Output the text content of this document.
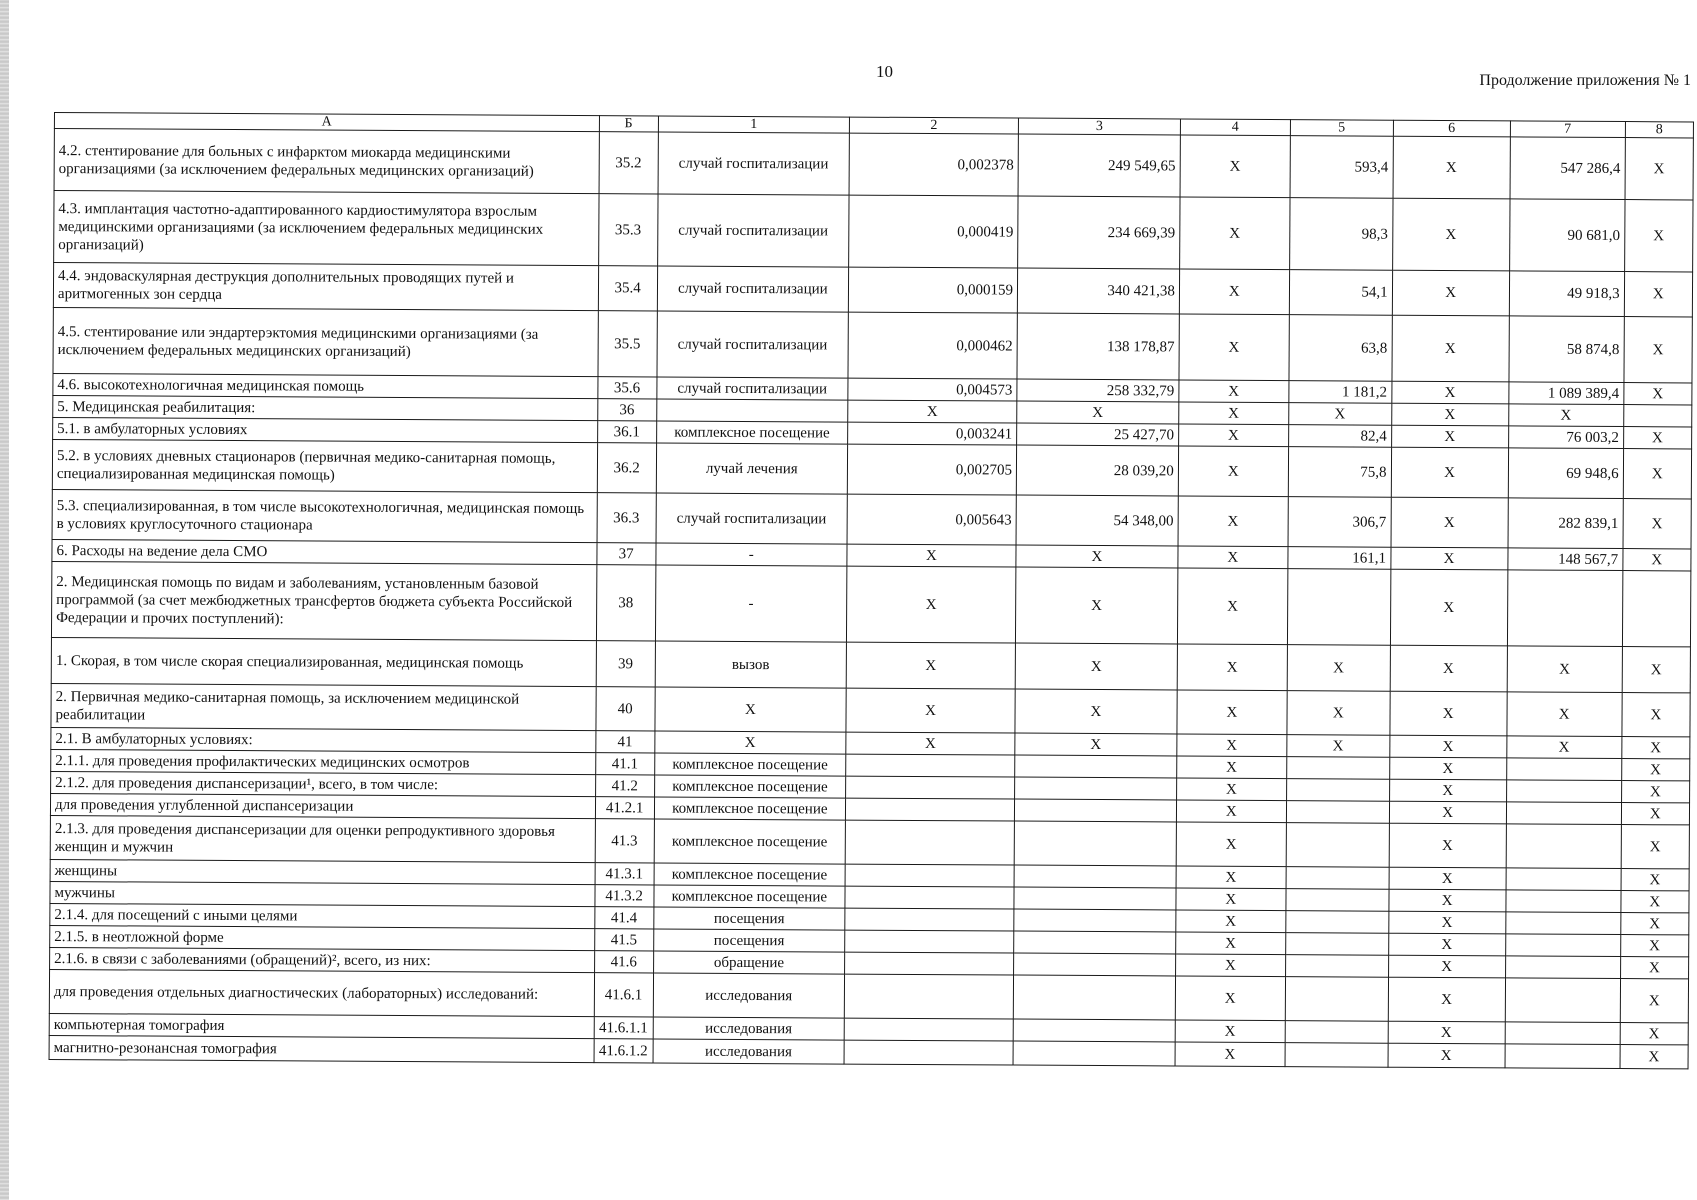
10	Продолжение приложения № 1
А	Б	1	2	3	4	5	6	7	8
4.2. стентирование для больных с инфарктом миокарда медицинскими организациями (за исключением федеральных медицинских организаций)	35.2	случай госпитализации	0,002378	249 549,65	X	593,4	X	547 286,4	X
4.3. имплантация частотно-адаптированного кардиостимулятора взрослым медицинскими организациями (за исключением федеральных медицинских организаций)	35.3	случай госпитализации	0,000419	234 669,39	X	98,3	X	90 681,0	X
4.4. эндоваскулярная деструкция дополнительных проводящих путей и аритмогенных зон сердца	35.4	случай госпитализации	0,000159	340 421,38	X	54,1	X	49 918,3	X
4.5. стентирование или эндартерэктомия медицинскими организациями (за исключением федеральных медицинских организаций)	35.5	случай госпитализации	0,000462	138 178,87	X	63,8	X	58 874,8	X
4.6. высокотехнологичная медицинская помощь	35.6	случай госпитализации	0,004573	258 332,79	X	1 181,2	X	1 089 389,4	X
5. Медицинская реабилитация:	36		X	X	X	X	X	X	
5.1. в амбулаторных условиях	36.1	комплексное посещение	0,003241	25 427,70	X	82,4	X	76 003,2	X
5.2. в условиях дневных стационаров (первичная медико-санитарная помощь, специализированная медицинская помощь)	36.2	лучай лечения	0,002705	28 039,20	X	75,8	X	69 948,6	X
5.3. специализированная, в том числе высокотехнологичная, медицинская помощь в условиях круглосуточного стационара	36.3	случай госпитализации	0,005643	54 348,00	X	306,7	X	282 839,1	X
6. Расходы на ведение дела СМО	37	-	X	X	X	161,1	X	148 567,7	X
2. Медицинская помощь по видам и заболеваниям, установленным базовой программой (за счет межбюджетных трансфертов бюджета субъекта Российской Федерации и прочих поступлений):	38	-	X	X	X		X		
1. Скорая, в том числе скорая специализированная, медицинская помощь	39	вызов	X	X	X	X	X	X	X
2. Первичная медико-санитарная помощь, за исключением медицинской реабилитации	40	X	X	X	X	X	X	X	X
2.1. В амбулаторных условиях:	41	X	X	X	X	X	X	X	X
2.1.1. для проведения профилактических медицинских осмотров	41.1	комплексное посещение			X		X		X
2.1.2. для проведения диспансеризации¹, всего, в том числе:	41.2	комплексное посещение			X		X		X
для проведения углубленной диспансеризации	41.2.1	комплексное посещение			X		X		X
2.1.3. для проведения диспансеризации для оценки репродуктивного здоровья женщин и мужчин	41.3	комплексное посещение			X		X		X
женщины	41.3.1	комплексное посещение			X		X		X
мужчины	41.3.2	комплексное посещение			X		X		X
2.1.4. для посещений с иными целями	41.4	посещения			X		X		X
2.1.5. в неотложной форме	41.5	посещения			X		X		X
2.1.6. в связи с заболеваниями (обращений)², всего, из них:	41.6	обращение			X		X		X
для проведения отдельных диагностических (лабораторных) исследований:	41.6.1	исследования			X		X		X
компьютерная томография	41.6.1.1	исследования			X		X		X
магнитно-резонансная томография	41.6.1.2	исследования			X		X		X
